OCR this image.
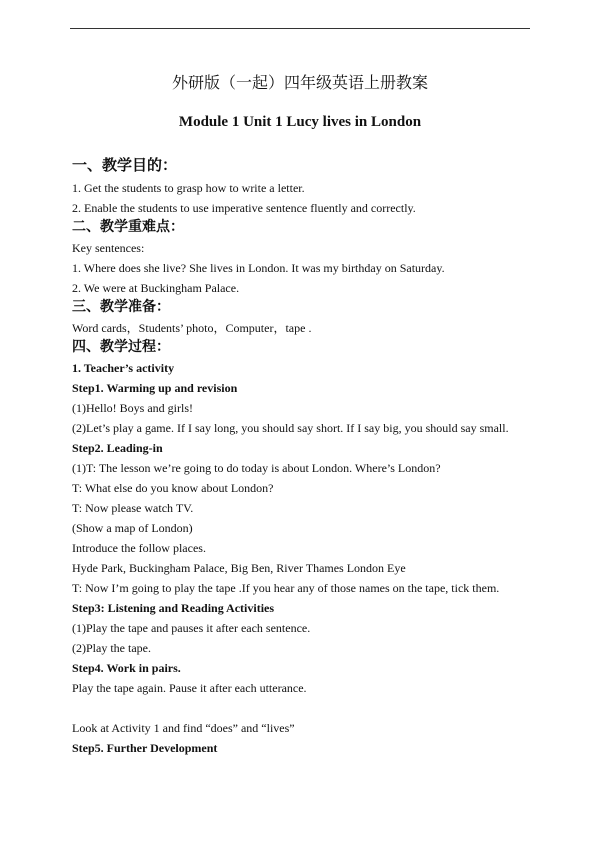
外研版（一起）四年级英语上册教案
Module 1 Unit 1 Lucy lives in London
一、教学目的：
1. Get the students to grasp how to write a letter.
2. Enable the students to use imperative sentence fluently and correctly.
二、教学重难点：
Key sentences:
1. Where does she live? She lives in London. It was my birthday on Saturday.
2. We were at Buckingham Palace.
三、教学准备：
Word cards，Students’ photo，Computer，tape .
四、教学过程：
1. Teacher’s activity
Step1. Warming up and revision
(1)Hello! Boys and girls!
(2)Let’s play a game. If I say long, you should say short. If I say big, you should say small.
Step2. Leading-in
(1)T: The lesson we’re going to do today is about London. Where’s London?
T: What else do you know about London?
T: Now please watch TV.
(Show a map of London)
Introduce the follow places.
Hyde Park, Buckingham Palace, Big Ben, River Thames London Eye
T: Now I’m going to play the tape .If you hear any of those names on the tape, tick them.
Step3: Listening and Reading Activities
(1)Play the tape and pauses it after each sentence.
(2)Play the tape.
Step4. Work in pairs.
Play the tape again. Pause it after each utterance.
Look at Activity 1 and find “does” and “lives”
Step5. Further Development
